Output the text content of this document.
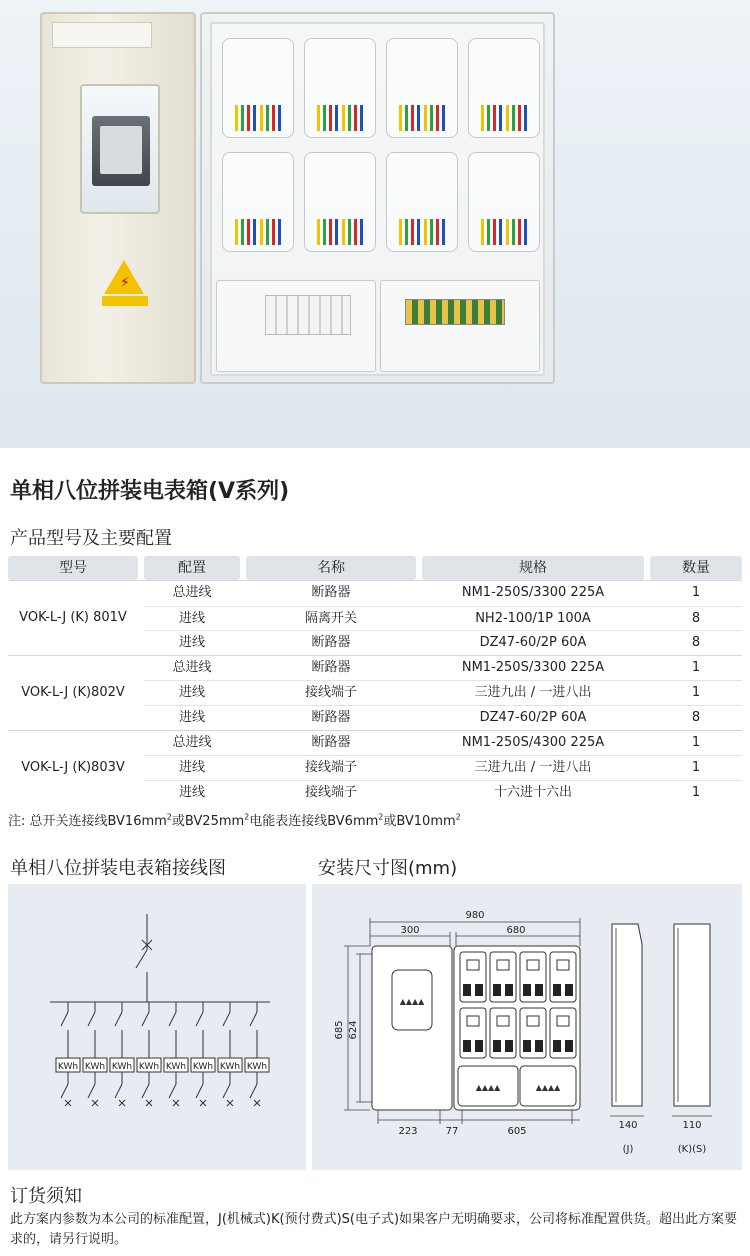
⚡
单相八位拼装电表箱(V系列)
产品型号及主要配置
型号	配置	名称	规格	数量
VOK-L-J (K) 801V
总进线	断路器	NM1-250S/3300 225A	1
进线	隔离开关	NH2-100/1P 100A	8
进线	断路器	DZ47-60/2P 60A	8
VOK-L-J (K)802V
总进线	断路器	NM1-250S/3300 225A	1
进线	接线端子	三进九出 / 一进八出	1
进线	断路器	DZ47-60/2P 60A	8
VOK-L-J (K)803V
总进线	断路器	NM1-250S/4300 225A	1
进线	接线端子	三进九出 / 一进八出	1
进线	接线端子	十六进十六出	1
注: 总开关连接线$BV16mm^2$或$BV25mm^2$电能表连接线$BV6mm^2$或$BV10mm^2$
单相八位拼装电表箱接线图	安装尺寸图(mm)
KWh KWh KWh KWh KWh KWh KWh KWh
▲▲▲▲
▲▲▲▲	▲▲▲▲
980
300	680
685 624
223	77	605
140
(J)
110
(K)(S)
订货须知
此方案内参数为本公司的标准配置，J(机械式)K(预付费式)S(电子式)如果客户无明确要求，公司将标准配置供货。超出此方案要求的，请另行说明。
